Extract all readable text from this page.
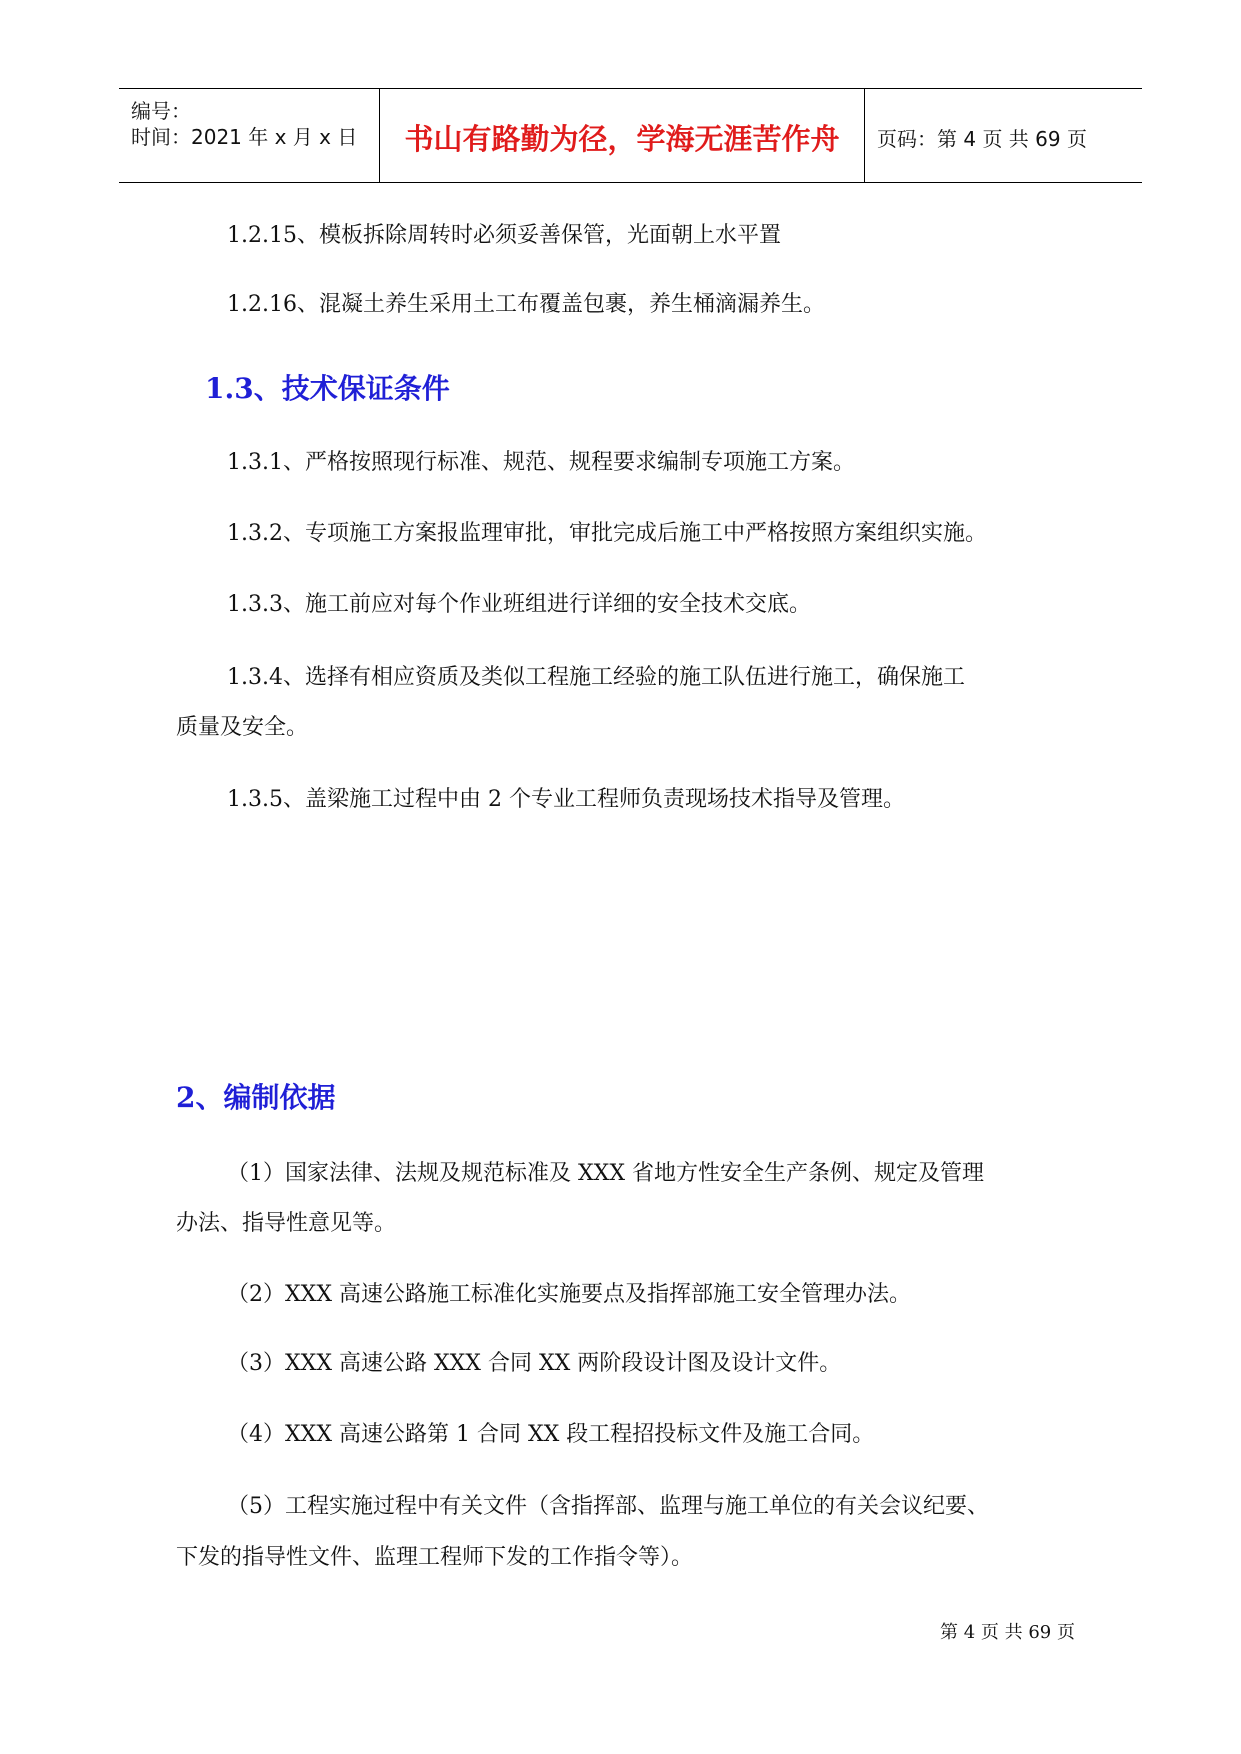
编号：
时间：2021 年 x 月 x 日	书山有路勤为径，学海无涯苦作舟	页码：第 4 页 共 69 页
1.2.15、模板拆除周转时必须妥善保管，光面朝上水平置
1.2.16、混凝土养生采用土工布覆盖包裹，养生桶滴漏养生。
1.3、技术保证条件
1.3.1、严格按照现行标准、规范、规程要求编制专项施工方案。
1.3.2、专项施工方案报监理审批，审批完成后施工中严格按照方案组织实施。
1.3.3、施工前应对每个作业班组进行详细的安全技术交底。
1.3.4、选择有相应资质及类似工程施工经验的施工队伍进行施工，确保施工
质量及安全。
1.3.5、盖梁施工过程中由 2 个专业工程师负责现场技术指导及管理。
2、编制依据
（1）国家法律、法规及规范标准及 XXX 省地方性安全生产条例、规定及管理
办法、指导性意见等。
（2）XXX 高速公路施工标准化实施要点及指挥部施工安全管理办法。
（3）XXX 高速公路 XXX 合同 XX 两阶段设计图及设计文件。
（4）XXX 高速公路第 1 合同 XX 段工程招投标文件及施工合同。
（5）工程实施过程中有关文件（含指挥部、监理与施工单位的有关会议纪要、
下发的指导性文件、监理工程师下发的工作指令等）。
第 4 页 共 69 页
